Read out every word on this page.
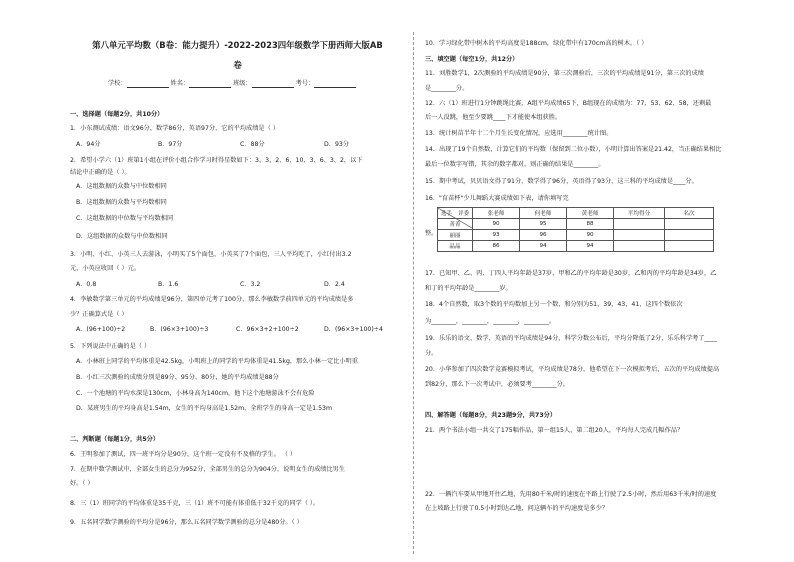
第八单元平均数（B卷：能力提升）-2022-2023四年级数学下册西师大版AB
卷
学校：	姓名：	班级：	考号：
一、选择题（每题2分，共10分）
1．小东测试成绩：语文96分，数学86分，英语97分，它的平均成绩是（ ）
A．94分	B．97分	C．88分	D．93分
2．希望小学六（1）班第1小组在评价小组合作学习时得星数如下：3、3、2、6、10、3、6、3、2，以下
结论中正确的是（ ）。
A．这组数据的众数与中位数相同
B．这组数据的众数与平均数相同
C．这组数据的中位数与平均数相同
D．这组数据的众数与中位数相同
3．小明、小红、小英三人去游泳，小明买了5个面包，小英买了7个面包，三人平均吃了，小红付出3.2
元，小英应收回（ ）元。
A．0.8	B．1.6	C．3.2	D．2.4
4．李敏数学第三单元的平均成绩是96分，第四单元考了100分，那么李敏数学前四单元的平均成绩是多
少？正确算式是（ ）
A．(96+100)÷2	B．(96×3+100)÷3	C．96×3+2+100÷2	D．(96×3+100)÷4
5．下列说法中正确的是（ ）
A．小林班上同学的平均体重是42.5kg，小明班上的同学的平均体重是41.5kg，那么小林一定比小明重
B．小红三次测验的成绩分别是89分、95分、80分，她的平均成绩是88分
C．一个池塘的平均水深是130cm，小林身高为140cm，他下这个池塘游泳不会有危险
D．某班男生的平均身高是1.54m，女生的平均身高是1.52m，全班学生的身高一定是1.53m
二、判断题（每题1分，共5分）
6．王明参加了测试，四一班平均分是90分，这个班一定没有不及格的学生。 （ ）
7．在期中数学测试中，全部女生的总分为952分，全部男生的总分为904分，说明女生的成绩比男生
好。（ ）
8．三（1）班同学的平均体重是35千克，三（1）班不可能有体重低于32千克的同学（ ）。
9．五名同学数学测验的平均分是96分，那么五名同学数学测验的总分是480分。（ ）
10．学习绿化带中树木的平均高度是188cm，绿化带中有170cm高的树木。（ ）
三、填空题（每空1分，共12分）
11．刘胜数学1，2次测验的平均成绩是90分，第三次测验后，三次的平均成绩是91分，第三次的成绩
是________分。
12．六（1）班进行1分钟跳绳比赛，A组平均成绩65下，B组现在的成绩为：77、53、62、58，还剩最
后一人没跳，他至少要跳____下才能使本组获胜。
13．统计树苗半年十二个月生长变化情况，应选用________统计图。
14．出现了19个自然数，计算它们的平均数（保留到二位小数），小明计算出答案是21.42，当正确结果相比
最后一位数字写错，其余的数字都对，则正确的结果是________。
15．期中考试，贝贝语文得了91分，数学得了96分，英语得了93分，这三科的平均成绩是____分。
16．"育苗杯"少儿舞蹈大赛成绩如下表，请你填写完
整。
评委
选手	张老师	何老师	黄老师	平均得分	名次
菁菁	90	95	88		
丽丽	93	96	90		
晶晶	86	94	94		
17．已知甲、乙、丙、丁四人平均年龄是37岁，甲和乙的平均年龄是30岁，乙和丙的平均年龄是34岁，乙
和丁的平均年龄是________岁。
18．4个自然数，取3个数的平均数加上另一个数，和分别为51，39，43，41，这四个数依次
为________，________，________，________。
19．乐乐的语文、数学、英语的平均成绩是94分，科学分数公布后，平均分降低了2分，乐乐科学考了____
分。
20．小华参加了四次数学竞赛模拟考试，平均成绩是78分，他希望在下一次模拟考后，五次的平均成绩提高
到82分，那么下一次考试中，必须要考________分。
四、解答题（每题8分，共23题9分，共73分）
21．两个书法小组一共交了175幅作品，第一组15人，第二组20人，平均每人完成几幅作品？
22．一辆汽车要从甲地开往乙地，先用80千米/时的速度在平路上行驶了2.5小时，然后用63千米/时的速度
在上坡路上行驶了0.5小时到达乙地，问这辆车的平均速度是多少？
